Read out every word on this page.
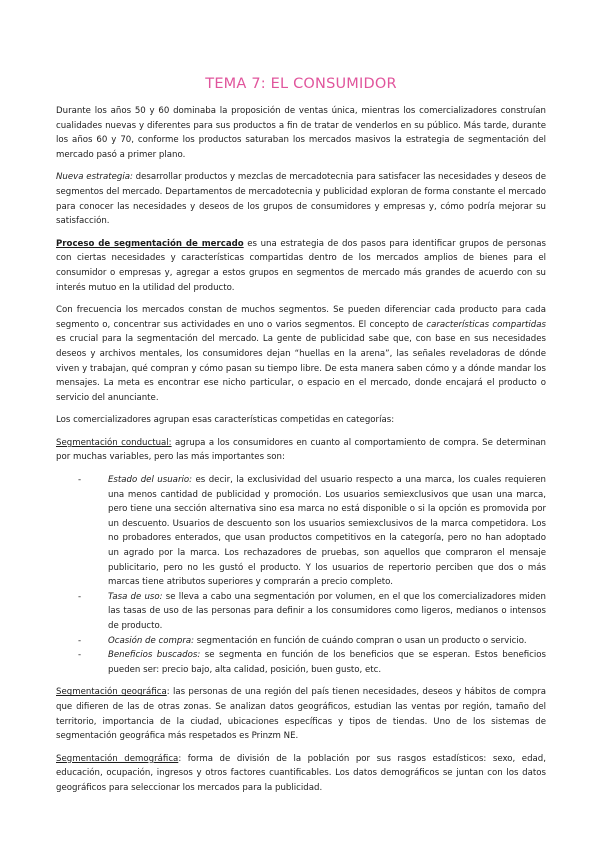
TEMA 7: EL CONSUMIDOR

Durante los años 50 y 60 dominaba la proposición de ventas única, mientras los comercializadores construían cualidades nuevas y diferentes para sus productos a fin de tratar de venderlos en su público. Más tarde, durante los años 60 y 70, conforme los productos saturaban los mercados masivos la estrategia de segmentación del mercado pasó a primer plano.

Nueva estrategia: desarrollar productos y mezclas de mercadotecnia para satisfacer las necesidades y deseos de segmentos del mercado. Departamentos de mercadotecnia y publicidad exploran de forma constante el mercado para conocer las necesidades y deseos de los grupos de consumidores y empresas y, cómo podría mejorar su satisfacción.

Proceso de segmentación de mercado es una estrategia de dos pasos para identificar grupos de personas con ciertas necesidades y características compartidas dentro de los mercados amplios de bienes para el consumidor o empresas y, agregar a estos grupos en segmentos de mercado más grandes de acuerdo con su interés mutuo en la utilidad del producto.

Con frecuencia los mercados constan de muchos segmentos. Se pueden diferenciar cada producto para cada segmento o, concentrar sus actividades en uno o varios segmentos. El concepto de características compartidas es crucial para la segmentación del mercado. La gente de publicidad sabe que, con base en sus necesidades deseos y archivos mentales, los consumidores dejan “huellas en la arena”, las señales reveladoras de dónde viven y trabajan, qué compran y cómo pasan su tiempo libre. De esta manera saben cómo y a dónde mandar los mensajes. La meta es encontrar ese nicho particular, o espacio en el mercado, donde encajará el producto o servicio del anunciante.

Los comercializadores agrupan esas características competidas en categorías:

Segmentación conductual: agrupa a los consumidores en cuanto al comportamiento de compra. Se determinan por muchas variables, pero las más importantes son:

-	Estado del usuario: es decir, la exclusividad del usuario respecto a una marca, los cuales requieren una menos cantidad de publicidad y promoción. Los usuarios semiexclusivos que usan una marca, pero tiene una sección alternativa sino esa marca no está disponible o si la opción es promovida por un descuento. Usuarios de descuento son los usuarios semiexclusivos de la marca competidora. Los no probadores enterados, que usan productos competitivos en la categoría, pero no han adoptado un agrado por la marca. Los rechazadores de pruebas, son aquellos que compraron el mensaje publicitario, pero no les gustó el producto. Y los usuarios de repertorio perciben que dos o más marcas tiene atributos superiores y comprarán a precio completo.
-	Tasa de uso: se lleva a cabo una segmentación por volumen, en el que los comercializadores miden las tasas de uso de las personas para definir a los consumidores como ligeros, medianos o intensos de producto.
-	Ocasión de compra: segmentación en función de cuándo compran o usan un producto o servicio.
-	Beneficios buscados: se segmenta en función de los beneficios que se esperan. Estos beneficios pueden ser: precio bajo, alta calidad, posición, buen gusto, etc.

Segmentación geográfica: las personas de una región del país tienen necesidades, deseos y hábitos de compra que difieren de las de otras zonas. Se analizan datos geográficos, estudian las ventas por región, tamaño del territorio, importancia de la ciudad, ubicaciones específicas y tipos de tiendas. Uno de los sistemas de segmentación geográfica más respetados es Prinzm NE.

Segmentación demográfica: forma de división de la población por sus rasgos estadísticos: sexo, edad, educación, ocupación, ingresos y otros factores cuantificables. Los datos demográficos se juntan con los datos geográficos para seleccionar los mercados para la publicidad.
